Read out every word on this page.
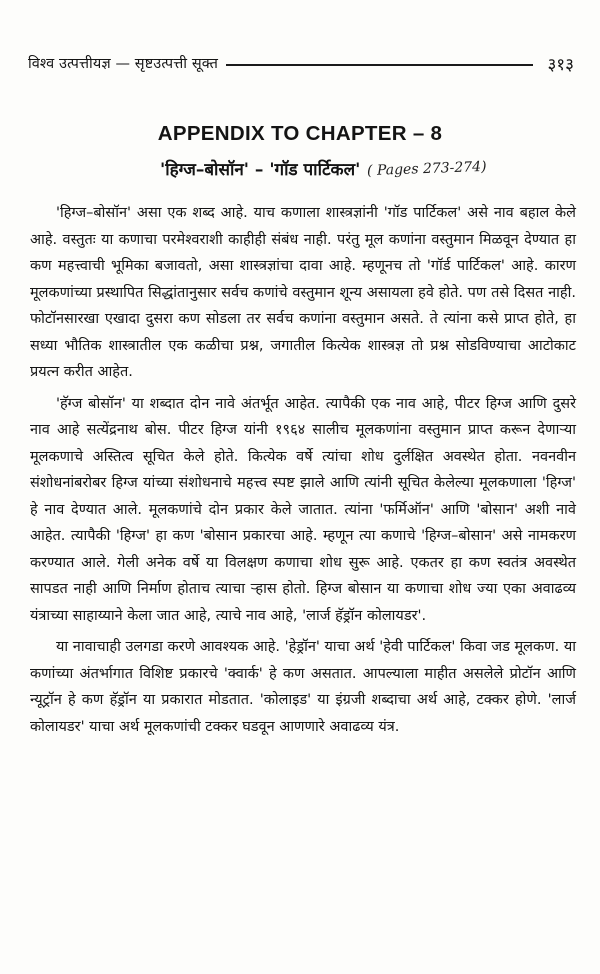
विश्व उत्पत्तीयज्ञ — सृष्टउत्पत्ती सूक्त	३१३
APPENDIX TO CHAPTER – 8
'हिग्ज–बोसॉन' – 'गॉड पार्टिकल' ( Pages 273-274)

'हिग्ज–बोसॉन' असा एक शब्द आहे. याच कणाला शास्त्रज्ञांनी 'गॉड पार्टिकल' असे नाव बहाल केले आहे. वस्तुतः या कणाचा परमेश्वराशी काहीही संबंध नाही. परंतु मूल कणांना वस्तुमान मिळवून देण्यात हा कण महत्त्वाची भूमिका बजावतो, असा शास्त्रज्ञांचा दावा आहे. म्हणूनच तो 'गॉर्ड पार्टिकल' आहे. कारण मूलकणांच्या प्रस्थापित सिद्धांतानुसार सर्वच कणांचे वस्तुमान शून्य असायला हवे होते. पण तसे दिसत नाही. फोटॉनसारखा एखादा दुसरा कण सोडला तर सर्वच कणांना वस्तुमान असते. ते त्यांना कसे प्राप्त होते, हा सध्या भौतिक शास्त्रातील एक कळीचा प्रश्न, जगातील कित्येक शास्त्रज्ञ तो प्रश्न सोडविण्याचा आटोकाट प्रयत्न करीत आहेत.

'हॅग्ज बोसॉन' या शब्दात दोन नावे अंतर्भूत आहेत. त्यापैकी एक नाव आहे, पीटर हिग्ज आणि दुसरे नाव आहे सत्येंद्रनाथ बोस. पीटर हिग्ज यांनी १९६४ सालीच मूलकणांना वस्तुमान प्राप्त करून देणाऱ्या मूलकणाचे अस्तित्व सूचित केले होते. कित्येक वर्षे त्यांचा शोध दुर्लक्षित अवस्थेत होता. नवनवीन संशोधनांबरोबर हिग्ज यांच्या संशोधनाचे महत्त्व स्पष्ट झाले आणि त्यांनी सूचित केलेल्या मूलकणाला 'हिग्ज' हे नाव देण्यात आले. मूलकणांचे दोन प्रकार केले जातात. त्यांना 'फर्मिऑन' आणि 'बोसान' अशी नावे आहेत. त्यापैकी 'हिग्ज' हा कण 'बोसान प्रकारचा आहे. म्हणून त्या कणाचे 'हिग्ज–बोसान' असे नामकरण करण्यात आले. गेली अनेक वर्षे या विलक्षण कणाचा शोध सुरू आहे. एकतर हा कण स्वतंत्र अवस्थेत सापडत नाही आणि निर्माण होताच त्याचा ऱ्हास होतो. हिग्ज बोसान या कणाचा शोध ज्या एका अवाढव्य यंत्राच्या साहाय्याने केला जात आहे, त्याचे नाव आहे, 'लार्ज हॅड्रॉन कोलायडर'.

या नावाचाही उलगडा करणे आवश्यक आहे. 'हेड्रॉन' याचा अर्थ 'हेवी पार्टिकल' किवा जड मूलकण. या कणांच्या अंतर्भागात विशिष्ट प्रकारचे 'क्वार्क' हे कण असतात. आपल्याला माहीत असलेले प्रोटॉन आणि न्यूट्रॉन हे कण हॅड्रॉन या प्रकारात मोडतात. 'कोलाइड' या इंग्रजी शब्दाचा अर्थ आहे, टक्कर होणे. 'लार्ज कोलायडर' याचा अर्थ मूलकणांची टक्कर घडवून आणणारे अवाढव्य यंत्र.
